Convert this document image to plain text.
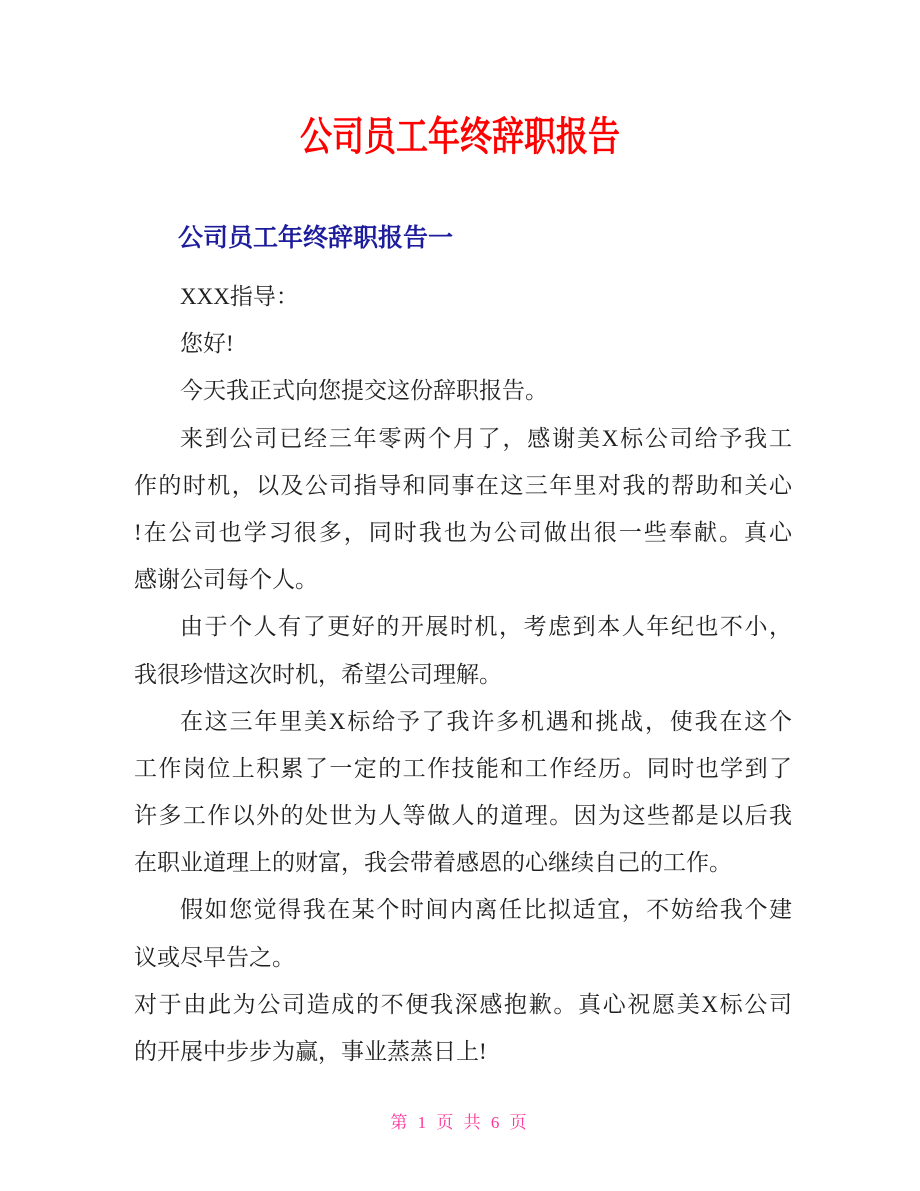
公司员工年终辞职报告
公司员工年终辞职报告一
XXX指导：
您好!
今天我正式向您提交这份辞职报告。
来到公司已经三年零两个月了，感谢美X标公司给予我工
作的时机，以及公司指导和同事在这三年里对我的帮助和关心
!在公司也学习很多，同时我也为公司做出很一些奉献。真心
感谢公司每个人。
由于个人有了更好的开展时机，考虑到本人年纪也不小，
我很珍惜这次时机，希望公司理解。
在这三年里美X标给予了我许多机遇和挑战，使我在这个
工作岗位上积累了一定的工作技能和工作经历。同时也学到了
许多工作以外的处世为人等做人的道理。因为这些都是以后我
在职业道理上的财富，我会带着感恩的心继续自己的工作。
假如您觉得我在某个时间内离任比拟适宜，不妨给我个建
议或尽早告之。
对于由此为公司造成的不便我深感抱歉。真心祝愿美X标公司
的开展中步步为赢，事业蒸蒸日上!
第 1 页 共 6 页
